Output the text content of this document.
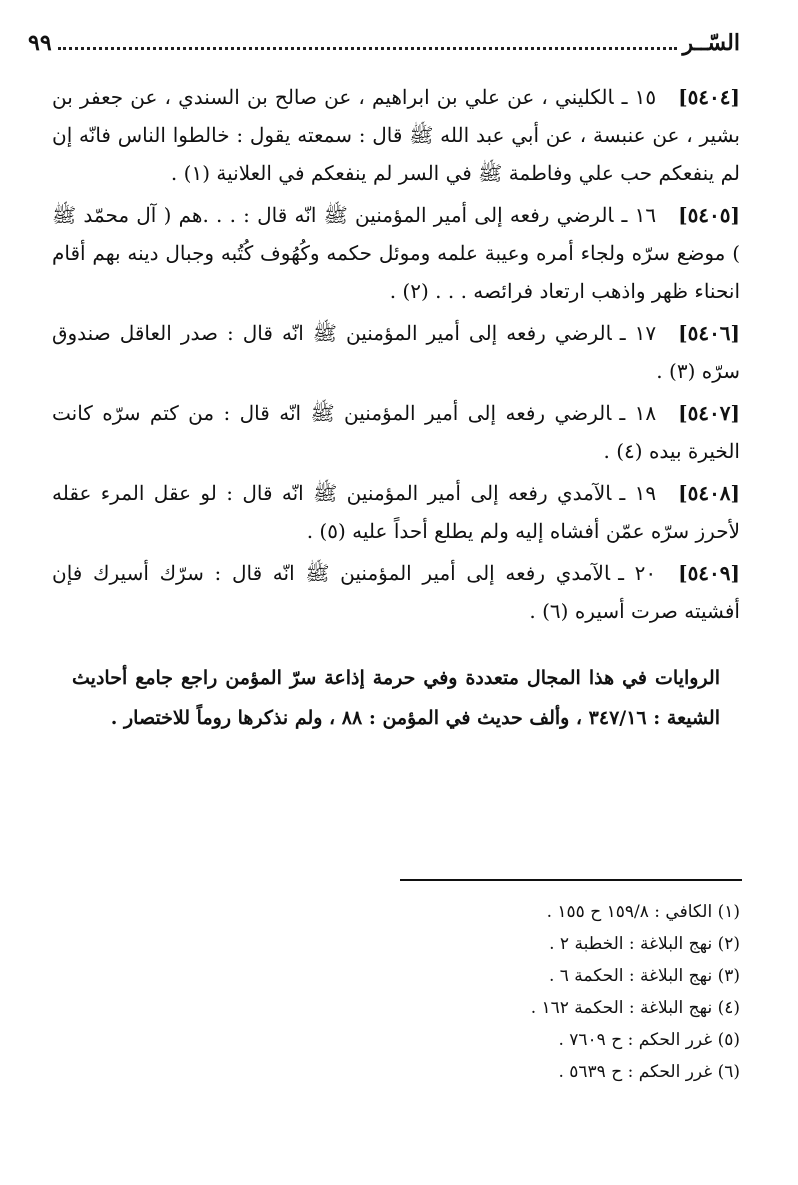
السّــر
٩٩

[٥٤٠٤]١٥ ـالكليني ، عن علي بن ابراهيم ، عن صالح بن السندي ، عن جعفر بن بشير ، عن عنبسة ، عن أبي عبد الله ﷺ قال : سمعته يقول : خالطوا الناس فانّه إن لم ينفعكم حب علي وفاطمة ﷺ في السر لم ينفعكم في العلانية (١) .

[٥٤٠٥]١٦ ـالرضي رفعه إلى أمير المؤمنين ﷺ انّه قال : . . .هم ( آل محمّد ﷺ ) موضع سرّه ولجاء أمره وعيبة علمه وموئل حكمه وكُهُوف كُتُبه وجبال دينه بهم أقام انحناء ظهر واذهب ارتعاد فرائصه . . . (٢) .

[٥٤٠٦]١٧ ـالرضي رفعه إلى أمير المؤمنين ﷺ انّه قال : صدر العاقل صندوق سرّه (٣) .

[٥٤٠٧]١٨ ـالرضي رفعه إلى أمير المؤمنين ﷺ انّه قال : من كتم سرّه كانت الخيرة بيده (٤) .

[٥٤٠٨]١٩ ـالآمدي رفعه إلى أمير المؤمنين ﷺ انّه قال : لو عقل المرء عقله لأحرز سرّه عمّن أفشاه إليه ولم يطلع أحداً عليه (٥) .

[٥٤٠٩]٢٠ ـالآمدي رفعه إلى أمير المؤمنين ﷺ انّه قال : سرّك أسيرك فإن أفشيته صرت أسيره (٦) .

الروايات في هذا المجال متعددة وفي حرمة إذاعة سرّ المؤمن راجع جامع أحاديث الشيعة : ٣٤٧/١٦ ، وألف حديث في المؤمن : ٨٨ ، ولم نذكرها روماً للاختصار .

(١) الكافي : ١٥٩/٨ ح ١٥٥ .
(٢) نهج البلاغة : الخطبة ٢ .
(٣) نهج البلاغة : الحكمة ٦ .
(٤) نهج البلاغة : الحكمة ١٦٢ .
(٥) غرر الحكم : ح ٧٦٠٩ .
(٦) غرر الحكم : ح ٥٦٣٩ .
